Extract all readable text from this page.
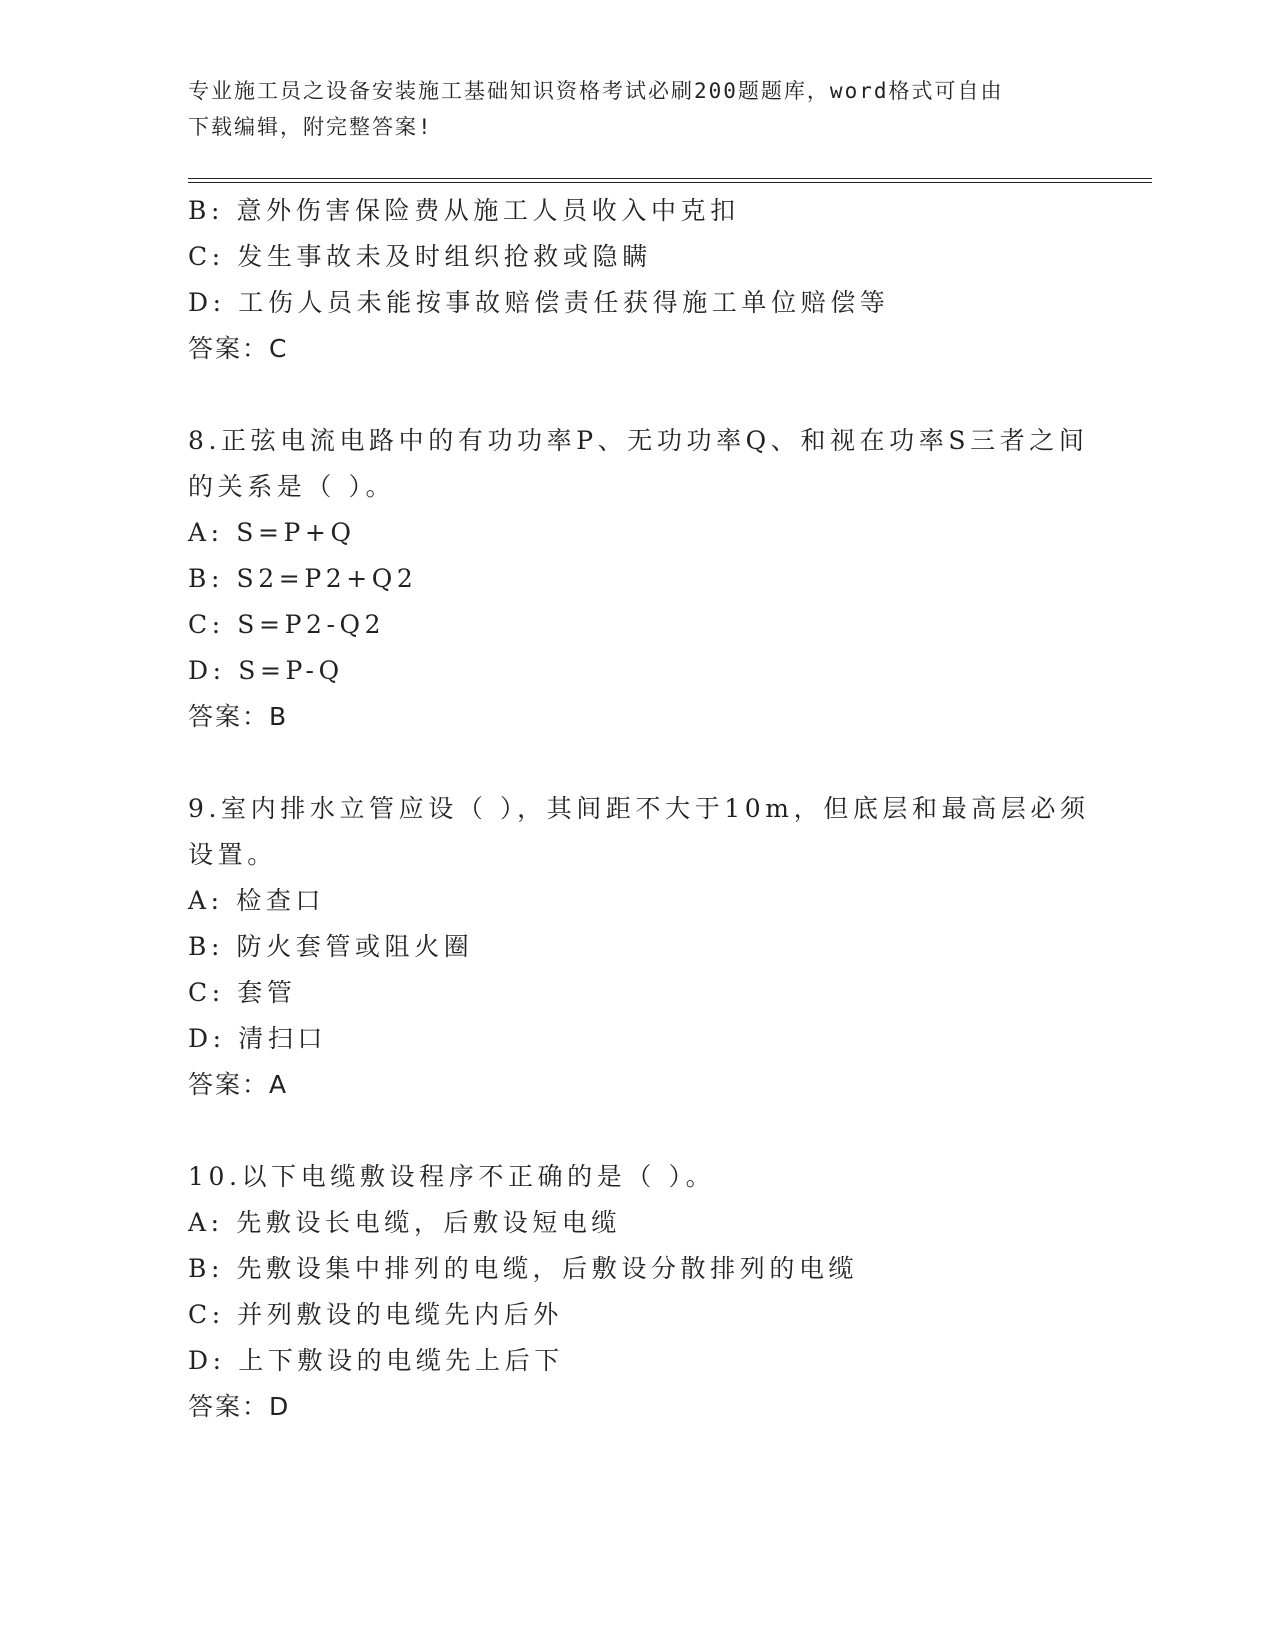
专业施工员之设备安装施工基础知识资格考试必刷200题题库，word格式可自由
下载编辑，附完整答案!
B: 意外伤害保险费从施工人员收入中克扣
C: 发生事故未及时组织抢救或隐瞒
D: 工伤人员未能按事故赔偿责任获得施工单位赔偿等
答案：C
8.正弦电流电路中的有功功率P、无功功率Q、和视在功率S三者之间
的关系是（ ）。
A: S=P+Q
B: S2=P2+Q2
C: S=P2-Q2
D: S=P-Q
答案：B
9.室内排水立管应设（ ），其间距不大于10m，但底层和最高层必须
设置。
A: 检查口
B: 防火套管或阻火圈
C: 套管
D: 清扫口
答案：A
10.以下电缆敷设程序不正确的是（ ）。
A: 先敷设长电缆，后敷设短电缆
B: 先敷设集中排列的电缆，后敷设分散排列的电缆
C: 并列敷设的电缆先内后外
D: 上下敷设的电缆先上后下
答案：D
